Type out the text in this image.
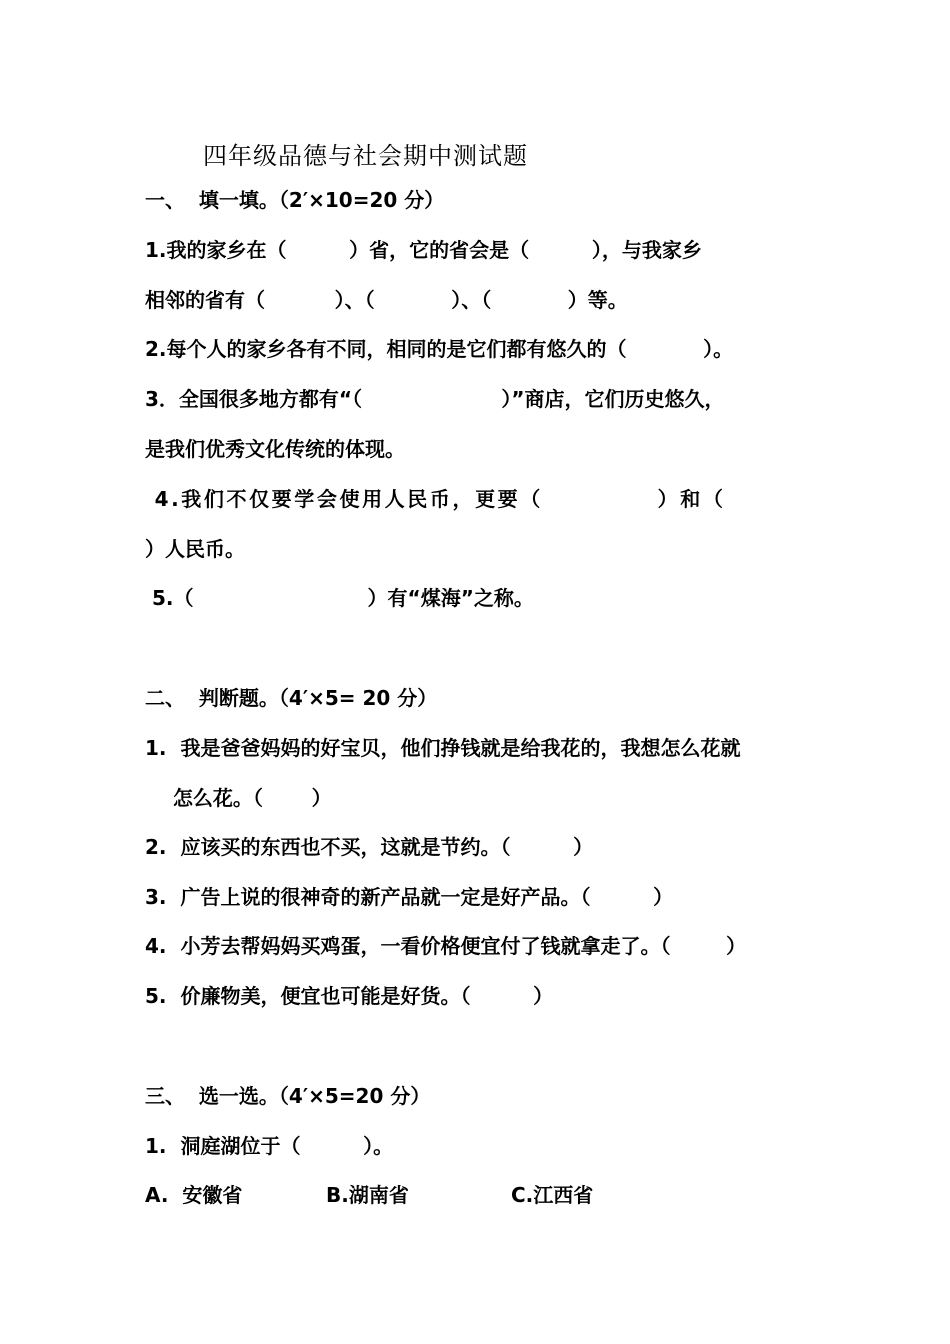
四年级品德与社会期中测试题
一、  填一填。（2′×10=20 分）
1.我的家乡在（         ）省，它的省会是（         ），与我家乡
相邻的省有（          ）、（           ）、（           ）等。
2.每个人的家乡各有不同，相同的是它们都有悠久的（           ）。
3．全国很多地方都有“（                    ）”商店，它们历史悠久，
是我们优秀文化传统的体现。
4.我们不仅要学会使用人民币，更要（            ）和（
）人民币。
5.（                         ）有“煤海”之称。
二、  判断题。（4′×5= 20 分）
1.  我是爸爸妈妈的好宝贝，他们挣钱就是给我花的，我想怎么花就
怎么花。（       ）
2.  应该买的东西也不买，这就是节约。（         ）
3.  广告上说的很神奇的新产品就一定是好产品。（         ）
4.  小芳去帮妈妈买鸡蛋，一看价格便宜付了钱就拿走了。（        ）
5.  价廉物美，便宜也可能是好货。（         ）
三、  选一选。（4′×5=20 分）
1.  洞庭湖位于（         ）。
A.  安徽省	B.湖南省	C.江西省
